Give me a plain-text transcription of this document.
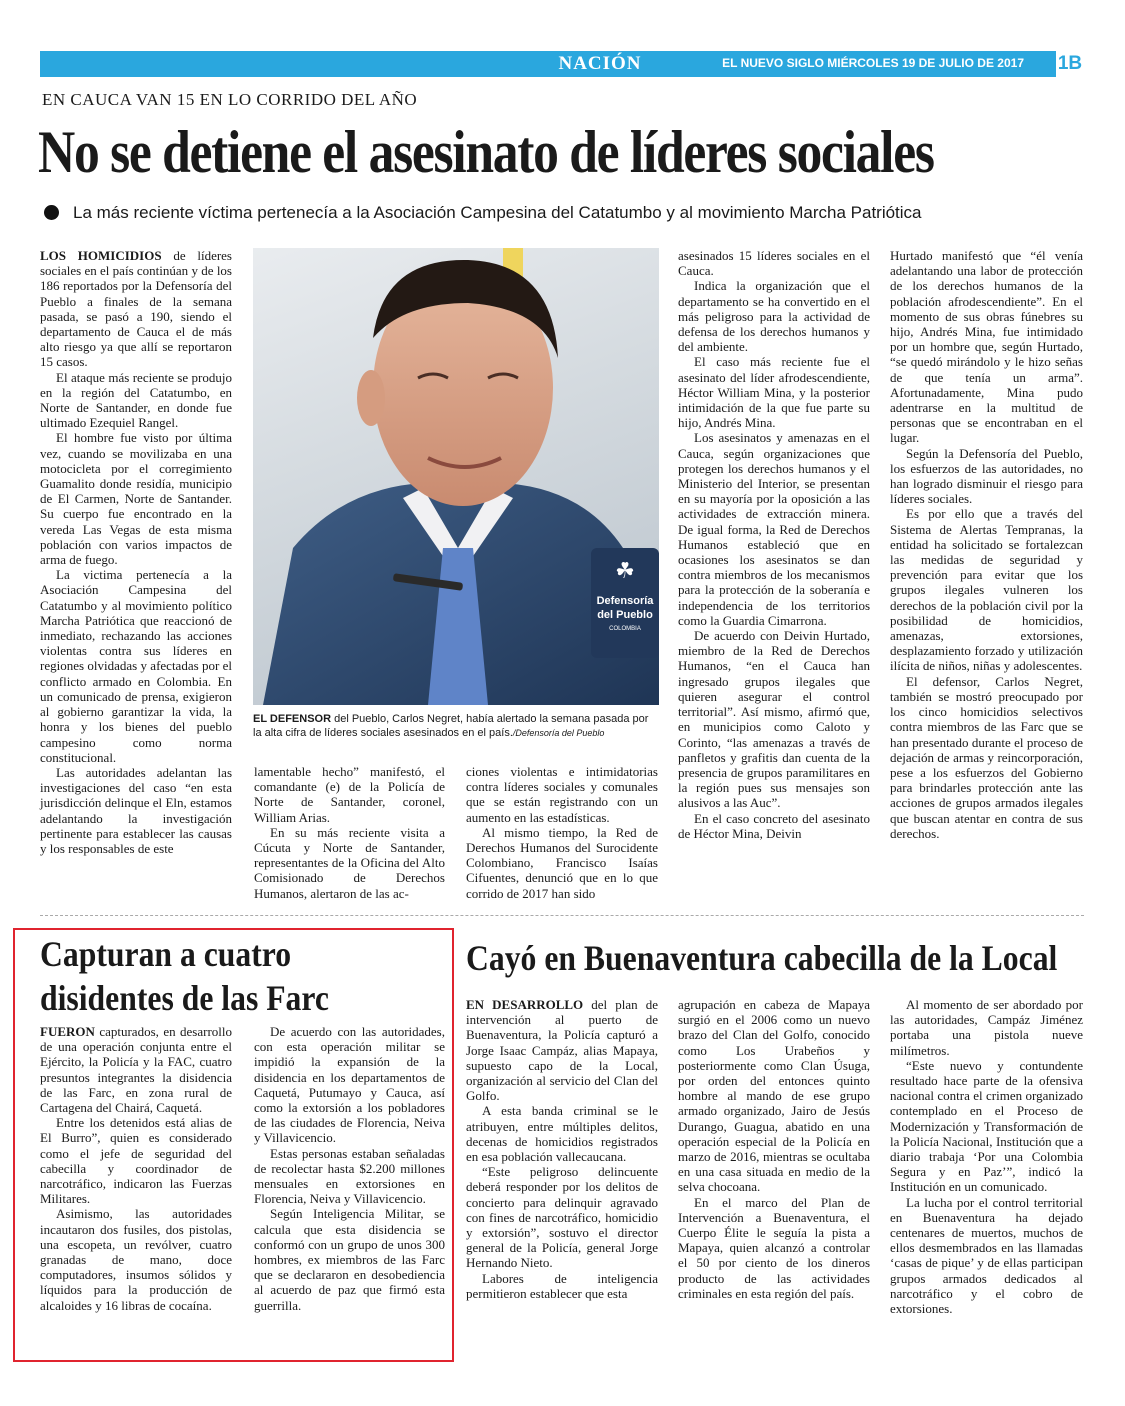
NACIÓN	EL NUEVO SIGLO MIÉRCOLES 19 DE JULIO DE 2017 1B
EN CAUCA VAN 15 EN LO CORRIDO DEL AÑO
No se detiene el asesinato de líderes sociales
La más reciente víctima pertenecía a la Asociación Campesina del Catatumbo y al movimiento Marcha Patriótica

LOS HOMICIDIOS de líderes sociales en el país continúan y de los 186 reportados por la Defensoría del Pueblo a finales de la semana pasada, se pasó a 190, siendo el departamento de Cauca el de más alto riesgo ya que allí se reportaron 15 casos.

El ataque más reciente se produjo en la región del Catatumbo, en Norte de Santander, en donde fue ultimado Ezequiel Rangel.

El hombre fue visto por última vez, cuando se movilizaba en una motocicleta por el corregimiento Guamalito donde residía, municipio de El Carmen, Norte de Santander. Su cuerpo fue encontrado en la vereda Las Vegas de esta misma población con varios impactos de arma de fuego.

La victima pertenecía a la Asociación Campesina del Catatumbo y al movimiento político Marcha Patriótica que reaccionó de inmediato, rechazando las acciones violentas contra sus líderes en regiones olvidadas y afectadas por el conflicto armado en Colombia. En un comunicado de prensa, exigieron al gobierno garantizar la vida, la honra y los bienes del pueblo campesino como norma constitucional.

Las autoridades adelantan las investigaciones del caso “en esta jurisdicción delinque el Eln, estamos adelantando la investigación pertinente para establecer las causas y los responsables de este

☘
Defensoría
del Pueblo
COLOMBIA
EL DEFENSOR del Pueblo, Carlos Negret, había alertado la semana pasada por la alta cifra de líderes sociales asesinados en el país./Defensoría del Pueblo

lamentable hecho” manifestó, el comandante (e) de la Policía de Norte de Santander, coronel, William Arias.

En su más reciente visita a Cúcuta y Norte de Santander, representantes de la Oficina del Alto Comisionado de Derechos Humanos, alertaron de las ac-

ciones violentas e intimidatorias contra líderes sociales y comunales que se están registrando con un aumento en las estadísticas.

Al mismo tiempo, la Red de Derechos Humanos del Surocidente Colombiano, Francisco Isaías Cifuentes, denunció que en lo que corrido de 2017 han sido

asesinados 15 líderes sociales en el Cauca.

Indica la organización que el departamento se ha convertido en el más peligroso para la actividad de defensa de los derechos humanos y del ambiente.

El caso más reciente fue el asesinato del líder afrodescendiente, Héctor William Mina, y la posterior intimidación de la que fue parte su hijo, Andrés Mina.

Los asesinatos y amenazas en el Cauca, según organizaciones que protegen los derechos humanos y el Ministerio del Interior, se presentan en su mayoría por la oposición a las actividades de extracción minera. De igual forma, la Red de Derechos Humanos estableció que en ocasiones los asesinatos se dan contra miembros de los mecanismos para la protección de la soberanía e independencia de los territorios como la Guardia Cimarrona.

De acuerdo con Deivin Hurtado, miembro de la Red de Derechos Humanos, “en el Cauca han ingresado grupos ilegales que quieren asegurar el control territorial”. Así mismo, afirmó que, en municipios como Caloto y Corinto, “las amenazas a través de panfletos y grafitis dan cuenta de la presencia de grupos paramilitares en la región pues sus mensajes son alusivos a las Auc”.

En el caso concreto del asesinato de Héctor Mina, Deivin

Hurtado manifestó que “él venía adelantando una labor de protección de los derechos humanos de la población afrodescendiente”. En el momento de sus obras fúnebres su hijo, Andrés Mina, fue intimidado por un hombre que, según Hurtado, “se quedó mirándolo y le hizo señas de que tenía un arma”. Afortunadamente, Mina pudo adentrarse en la multitud de personas que se encontraban en el lugar.

Según la Defensoría del Pueblo, los esfuerzos de las autoridades, no han logrado disminuir el riesgo para líderes sociales.

Es por ello que a través del Sistema de Alertas Tempranas, la entidad ha solicitado se fortalezcan las medidas de seguridad y prevención para evitar que los grupos ilegales vulneren los derechos de la población civil por la posibilidad de homicidios, amenazas, extorsiones, desplazamiento forzado y utilización ilícita de niños, niñas y adolescentes.

El defensor, Carlos Negret, también se mostró preocupado por los cinco homicidios selectivos contra miembros de las Farc que se han presentado durante el proceso de dejación de armas y reincorporación, pese a los esfuerzos del Gobierno para brindarles protección ante las acciones de grupos armados ilegales que buscan atentar en contra de sus derechos.

Capturan a cuatro disidentes de las Farc

FUERON capturados, en desarrollo de una operación conjunta entre el Ejército, la Policía y la FAC, cuatro presuntos integrantes la disidencia de las Farc, en zona rural de Cartagena del Chairá, Caquetá.

Entre los detenidos está alias de El Burro”, quien es considerado como el jefe de seguridad del cabecilla y coordinador de narcotráfico, indicaron las Fuerzas Militares.

Asimismo, las autoridades incautaron dos fusiles, dos pistolas, una escopeta, un revólver, cuatro granadas de mano, doce computadores, insumos sólidos y líquidos para la producción de alcaloides y 16 libras de cocaína.

De acuerdo con las autoridades, con esta operación militar se impidió la expansión de la disidencia en los departamentos de Caquetá, Putumayo y Cauca, así como la extorsión a los pobladores de las ciudades de Florencia, Neiva y Villavicencio.

Estas personas estaban señaladas de recolectar hasta $2.200 millones mensuales en extorsiones en Florencia, Neiva y Villavicencio.

Según Inteligencia Militar, se calcula que esta disidencia se conformó con un grupo de unos 300 hombres, ex miembros de las Farc que se declararon en desobediencia al acuerdo de paz que firmó esta guerrilla.

Cayó en Buenaventura cabecilla de la Local

EN DESARROLLO del plan de intervención al puerto de Buenaventura, la Policía capturó a Jorge Isaac Campáz, alias Mapaya, supuesto capo de la Local, organización al servicio del Clan del Golfo.

A esta banda criminal se le atribuyen, entre múltiples delitos, decenas de homicidios registrados en esa población vallecaucana.

“Este peligroso delincuente deberá responder por los delitos de concierto para delinquir agravado con fines de narcotráfico, homicidio y extorsión”, sostuvo el director general de la Policía, general Jorge Hernando Nieto.

Labores de inteligencia permitieron establecer que esta

agrupación en cabeza de Mapaya surgió en el 2006 como un nuevo brazo del Clan del Golfo, conocido como Los Urabeños y posteriormente como Clan Úsuga, por orden del entonces quinto hombre al mando de ese grupo armado organizado, Jairo de Jesús Durango, Guagua, abatido en una operación especial de la Policía en marzo de 2016, mientras se ocultaba en una casa situada en medio de la selva chocoana.

En el marco del Plan de Intervención a Buenaventura, el Cuerpo Élite le seguía la pista a Mapaya, quien alcanzó a controlar el 50 por ciento de los dineros producto de las actividades criminales en esta región del país.

Al momento de ser abordado por las autoridades, Campáz Jiménez portaba una pistola nueve milímetros.

“Este nuevo y contundente resultado hace parte de la ofensiva nacional contra el crimen organizado contemplado en el Proceso de Modernización y Transformación de la Policía Nacional, Institución que a diario trabaja ‘Por una Colombia Segura y en Paz’”, indicó la Institución en un comunicado.

La lucha por el control territorial en Buenaventura ha dejado centenares de muertos, muchos de ellos desmembrados en las llamadas ‘casas de pique’ y de ellas participan grupos armados dedicados al narcotráfico y el cobro de extorsiones.
